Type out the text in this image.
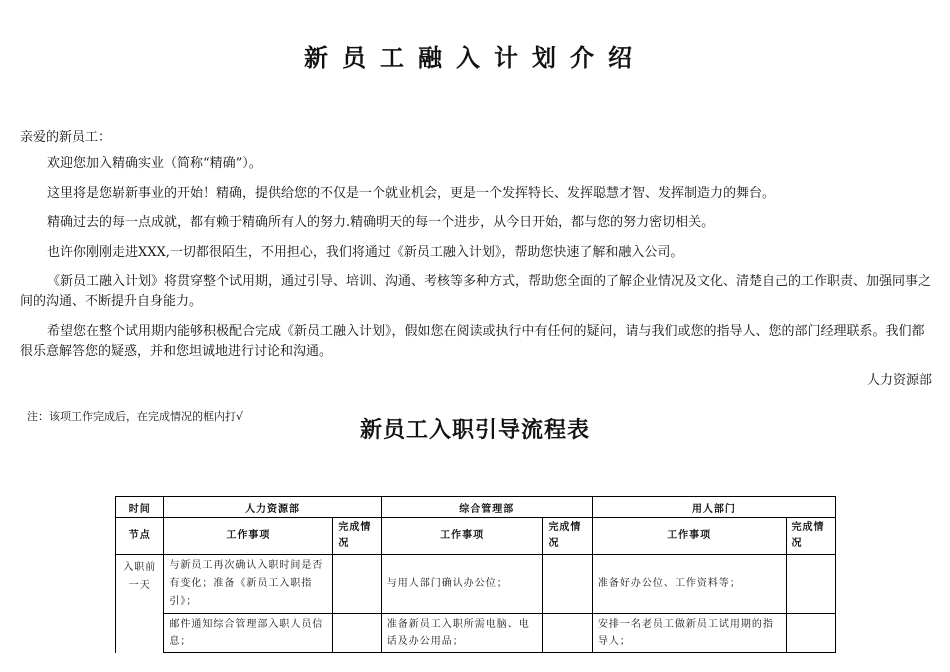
新员工融入计划介绍

亲爱的新员工：

欢迎您加入精确实业（简称“精确”）。

这里将是您崭新事业的开始！精确，提供给您的不仅是一个就业机会，更是一个发挥特长、发挥聪慧才智、发挥制造力的舞台。

精确过去的每一点成就，都有赖于精确所有人的努力.精确明天的每一个进步，从今日开始，都与您的努力密切相关。

也许你刚刚走进XXX,一切都很陌生，不用担心，我们将通过《新员工融入计划》，帮助您快速了解和融入公司。

《新员工融入计划》将贯穿整个试用期，通过引导、培训、沟通、考核等多种方式，帮助您全面的了解企业情况及文化、清楚自己的工作职责、加强同事之间的沟通、不断提升自身能力。

希望您在整个试用期内能够积极配合完成《新员工融入计划》，假如您在阅读或执行中有任何的疑问，请与我们或您的指导人、您的部门经理联系。我们都很乐意解答您的疑惑，并和您坦诚地进行讨论和沟通。

人力资源部

注：该项工作完成后，在完成情况的框内打√

新员工入职引导流程表
时间	人力资源部		综合管理部		用人部门	
节点	工作事项	完成情况	工作事项	完成情况	工作事项	完成情况
入职前一天	与新员工再次确认入职时间是否有变化；准备《新员工入职指引》；		与用人部门确认办公位；		准备好办公位、工作资料等；	
	邮件通知综合管理部入职人员信息；		准备新员工入职所需电脑、电话及办公用品；		安排一名老员工做新员工试用期的指导人；	
